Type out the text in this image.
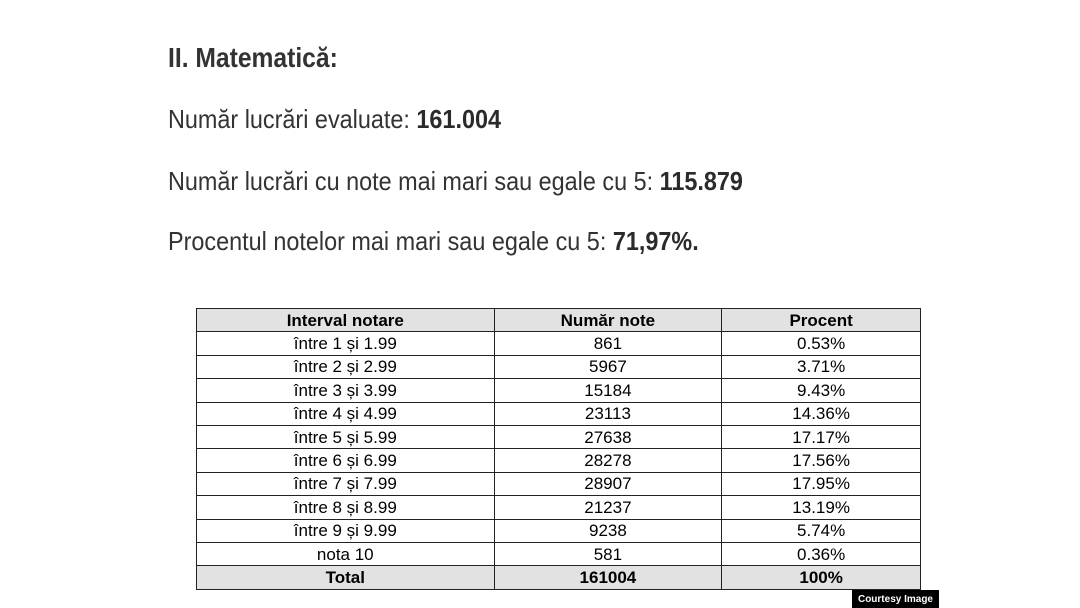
II. Matematică:
Număr lucrări evaluate: 161.004
Număr lucrări cu note mai mari sau egale cu 5: 115.879
Procentul notelor mai mari sau egale cu 5: 71,97%.
Interval notare	Număr note	Procent
între 1 și 1.99	861	0.53%
între 2 și 2.99	5967	3.71%
între 3 și 3.99	15184	9.43%
între 4 și 4.99	23113	14.36%
între 5 și 5.99	27638	17.17%
între 6 și 6.99	28278	17.56%
între 7 și 7.99	28907	17.95%
între 8 și 8.99	21237	13.19%
între 9 și 9.99	9238	5.74%
nota 10	581	0.36%
Total	161004	100%
Courtesy Image
